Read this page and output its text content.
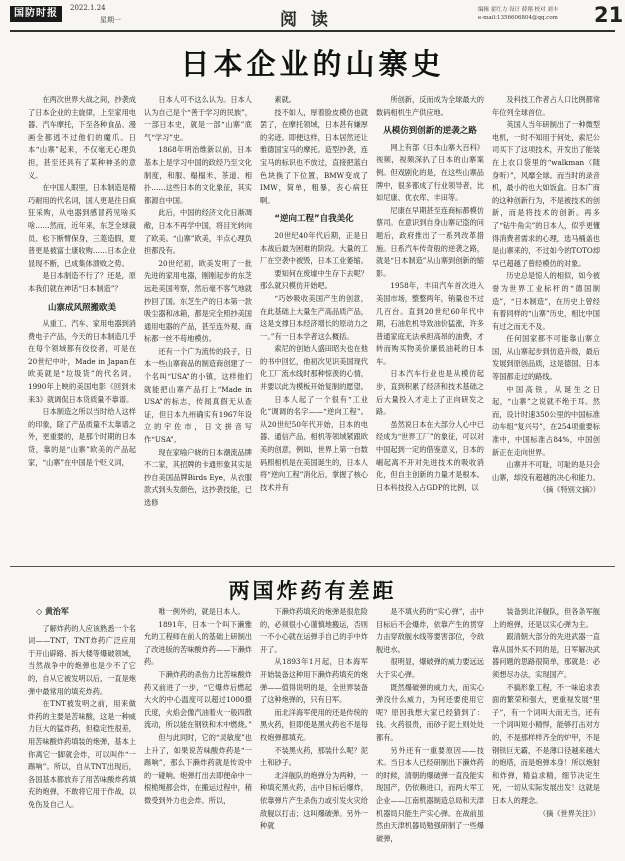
国防时报	2022.1.24
星期一	阅 读	编辑 霍红力 设计 薛翔 校对 刘丰
e-mail:1356606804@qq.com	21
日本企业的山寨史

在两次世界大战之间，抄袭成了日本企业的主旋律，上至家用电器、汽车摩托，下至各种食品、漫画全都逃不过他们的魔爪。日本“山寨”起来，不仅毫无心理负担，甚至还具有了某种神圣的意义。

在中国人眼里，日本制造是精巧耐用的代名词，国人更是往日疯狂采购，从电器到感冒药见啥买啥……然而，近年来，东芝全球裁员、松下断臂保身，三菱造假，夏普更是被富士康收购……日本企业显现不断，已成集体溃败之势。

是日本制造不行了？还是，原本我们就在神话“日本制造”？

山寨成风照搬欧美

从重工、汽车、家用电器到消费电子产品，今天的日本制造几乎在每个领域都有佼佼者，可是在20世纪中叶，Made in Japan在欧美就是“垃圾货”的代名词，1990年上映的美国电影《回到未来3》就调侃日本货质量不靠谱。

日本制造之所以当时给人这样的印象，除了产品质量不太靠谱之外，更重要的，是那个时期的日本货，靠的是“山寨”欧美的产品起家，“山寨”在中国是个贬义词，

日本人可不这么认为。日本人认为自己是个“善于学习的民族”，一部日本史，就是一部“山寨”底气“学习”史。

1868年明治维新以前，日本基本上是学习中国的政经乃至文化制度，和服、榻榻米、茶道、相扑……这些日本的文化象征，其实都源自中国。

此后，中国的经济文化日渐凋敝，日本不再学中国，将目光转向了欧美。“山寨”欧美，半点心理负担都没有。

20世纪初，欧美发明了一批先进的家用电器，刚刚起步的东芝远赴美国考察，然后毫不客气地就抄回了国。东芝生产的日本第一款吸尘器和冰箱，都是完全照抄美国通用电器的产品，甚至连外观、商标都一丝不苟地模仿。

还有一个广为流传的段子，日本一些山寨商品的制造商创建了一个名叫“USA”的小镇，这样他们就能把山寨产品打上“Made in USA”的标志，传闻真假无从查证，但日本九州确实有1967年设立的宇佐市，日文拼音写作“USA”。

现在家喻户晓的日本潮流品牌不二家，其招牌的卡通形象其实是抄自美国品牌Birds Eye，从衣服款式到头发颜色，这抄袭技能，已选修

素就。

技不如人，厚着脸皮模仿也就罢了，在摩托领域，日本甚有嫌厚的劣迹。即便这样，日本居然还让雅德国宝马的摩托。造型抄袭，连宝马的标识也不放过，直接把蓝白色块换了下位置，BMW变成了IMW，简单，粗暴，丧心病狂啊。

“逆向工程”自我美化

20世纪40年代后期，正是日本战后最为困难的阶段。大量的工厂在空袭中被毁，日本工业萎缩。

要知何在废墟中生存下去呢？那么就只模仿开始吧。

“巧妙吸收美国产生的创意，在此基础上大量生产高品质产品，这是支撑日本经济增长的原动力之一。”有一日本学者这么概括。

索尼的创始人盛田昭夫也在他的书中回忆，他初次见识美国现代化工厂流水线时那种惊羡的心情，并要以此为模板开始复制的愿望。

日本人起了一个很有“工业化”调调的名字——“逆向工程”。从20世纪50年代开始，日本的电器、通信产品、相机等领域紧跟欧美的创意，例如，世界上第一台数码照相机是在美国诞生的，日本人将“逆向工程”消化后，掌握了核心技术并有

所创新，反而成为全球最大的数码相机生产供应地。

从模仿到创新的逆袭之路

网上有部《日本山寨大百科》视频，视频深扒了日本的山寨案例。但戏剧化的是，在这些山寨品牌中，很多都成了行业领导者，比如尼康、优衣库、丰田等。

尼康在早期甚至连商标都模仿蔡司。在意识到自身山寨记盗的问题后，政府推出了一系列改革措施。日系汽车传奇般的逆袭之路，就是“日本制造”从山寨到创新的缩影。

1958年，丰田汽车首次进入美国市场，整整两年，销量也不过几百台。直到20世纪60年代中期，石油危机导致油价猛涨，许多普通家庭无法承担高昂的油费，才转而购买物美价廉低油耗的日本车。

日本汽车行业也是从模仿起步，直到积累了经济和技术基础之后大量投入才走上了正向研发之路。

虽然说日本在大部分人心中已经成为“世界工厂”的象征，可以对中国起到一定的借鉴意义，日本的崛起离不开对先进技术的吸收消化，但自主创新的力量才是根本。日本科技投入占GDP的比例，以

及科技工作者占人口比例都常年位列全球首位。

英国人当年研制出了一种微型电机，一时不知用于何处，索尼公司买下了这项技术，开发出了能装在上衣口袋里的“walkman（随身听）”，风靡全球。而当时的录音机，最小的也大如饭盒。日本广商的这种创新行为，不是被技术的创新，而是将技术的创新。再多了“钻牛角尖”的日本人，似乎更懂得消费者需求的心理，选马桶盖也是山寨来的，不过如今的TOTO却早已超越了曾经模仿的对象。

历史总是惊人的相似，如今被誉为世界工业标杆的“德国制造”，“日本制造”，在历史上曾经有着同样的“山寨”历史，相比中国有过之而无不及。

任何国家都不可能靠山寨立国，从山寨起步到仿造升级，最后发展到原创品质，这是德国、日本等国都走过的路线。

中国高铁，从诞生之日起，“山寨”之说就不绝于耳。然而，设计时速350公里的中国标准动车组“复兴号”，在254项重要标准中，中国标准占84%，中国创新正在走向世界。

山寨并不可耻，可耻的是只会山寨，却没有超越的决心和能力。

（摘《特别文摘》）

两国炸药有差距
◇ 黄治军

了解炸药的人应该熟悉一个名词——TNT，TNT炸药广泛应用于开山辟路、拆大楼等爆破领域，当然战争中的炮弹也是少不了它的，自从它被发明以后，一直是炮弹中最常用的填充炸药。

在TNT被发明之前，用来做炸药的主要是苦味酸，这是一种威力巨大的猛炸药，但稳定性很差，用苦味酸炸药填装的炮弹，基本上你离它一脚就会炸，可以叫作“一踢响”。所以，自从TNT出现后，各国基本都放弃了用苦味酸炸药填充的炮弹，不敢将它用于作战，以免伤及自己人。

唯一例外的，就是日本人。

1891年，日本一个叫下濑雅允的工程师在前人的基础上研制出了改进版的苦味酸炸药——下濑炸药。

下濑炸药的杀伤力比苦味酸炸药又前进了一步，“它爆炸后燃起大火的中心温度可以超过1000摄氏度，火焰会像汽油着火一般四散流动，所以能在钢铁和木中燃烧。”

但与此同时，它的“灵敏度”也上升了，如果说苦味酸炸药是“一踢响”，那么下濑炸药就是传说中的一碰响。炮弹打出去即便命中一根桅绳都会炸，在搬运过程中，稍微受到外力也会炸。所以，

下濑炸药填充的炮弹是很危险的，必须很小心谨慎地搬运，否则一不小心就在运弹手自己的手中炸开了。

从1893年1月起，日本海军开始装备这种用下濑炸药填充的炮弹——值得说明的是，全世界装备了这种炮弹的，只有日军。

而北洋海军使用的还是传统的黑火药，但即使是黑火药也不是每枚炮弹都填充。

不装黑火药，那装什么呢？泥土和砂子。

北洋舰队的炮弹分为两种，一种填充黑火药，击中目标后爆炸，依靠弹片产生杀伤力或引发火灾给敌舰以打击；这叫爆破弹。另外一种就

是不填火药的“实心弹”，击中目标后不会爆炸，依靠产生的贯穿力击穿敌舰水线等要害部位，令敌舰进水。

很明显，爆破弹的威力要远远大于实心弹。

既然爆破弹的威力大，而实心弹没什么威力，为何还要使用它呢？原因我想大家已经猜到了：钱。火药很贵，而砂子泥土则处处都有。

另外还有一重要原因——技术。当日本人已经研制出下濑炸药的时候，清朝的爆破弹一直没能实现国产，仍依赖进口，而两大军工企业——江南机器制造总局和天津机器局只能生产实心弹。在战前虽然由天津机器局勉强研制了一些爆破弹，

装备到北洋舰队，但各条军舰上的炮弹，还是以实心弹为主。

跟清朝大部分的先进武器一直靠从国外买不同的是，日军解决武器问题的思路很简单，那就是：必须想尽办法，实现国产。

不搞形象工程，不一味追求表面的繁荣和强大，更重视发展“里子”，有一个词叫大而无当，还有一个词叫短小精悍，能够打击对方的，不是那样样齐全的炉甲，不是钢铁巨无霸，不是薄口径越来越大的炮塔，而是炮弹本身！所以炮射和炸弹，精益求精，细节决定生死，一切从实际发展出发！这就是日本人的理念。

（摘《世界关注》）
